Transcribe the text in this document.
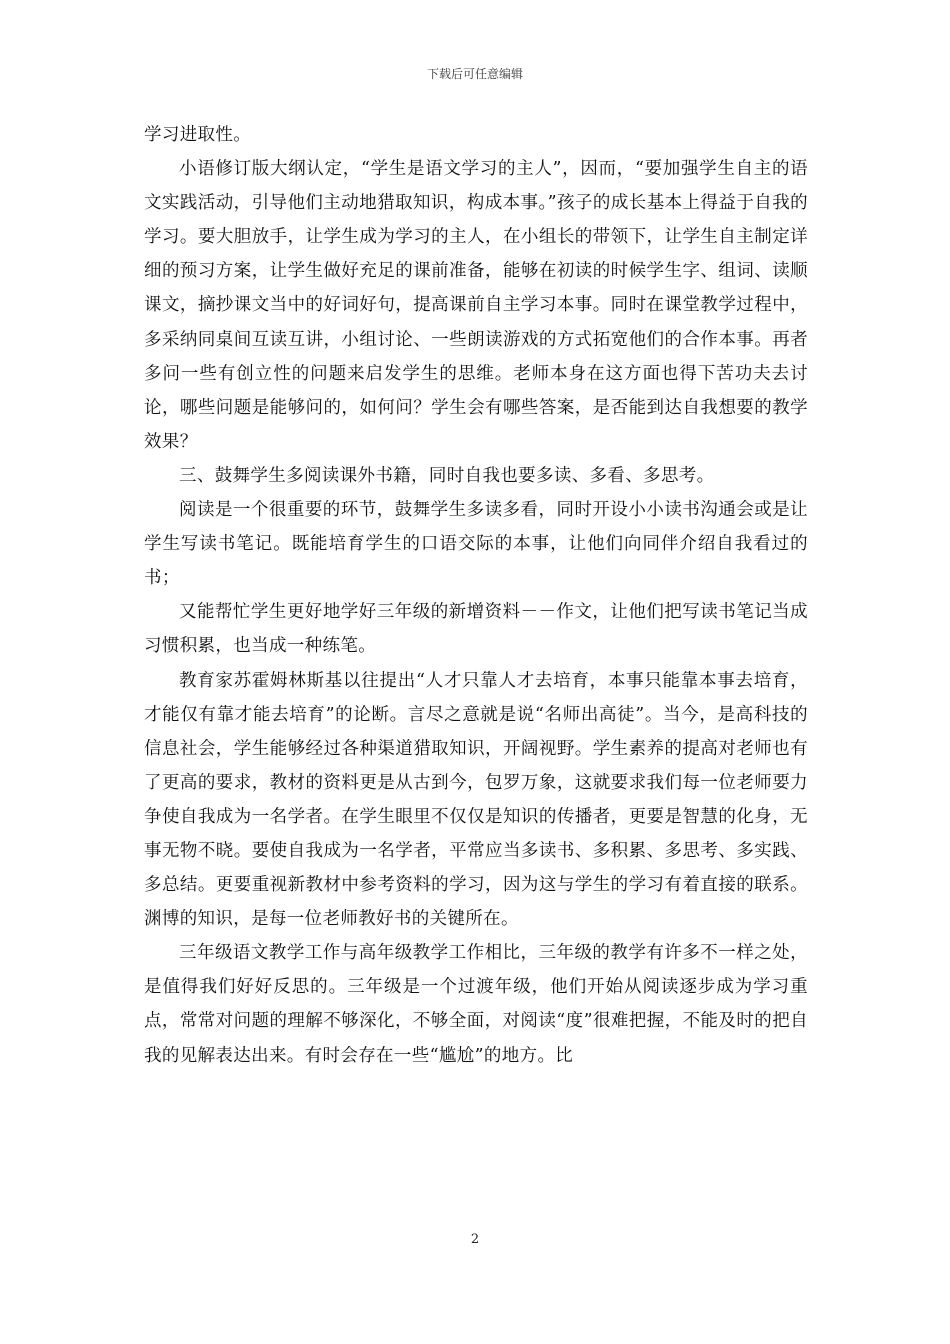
下载后可任意编辑

学习进取性。

小语修订版大纲认定，“学生是语文学习的主人”，因而，“要加强学生自主的语文实践活动，引导他们主动地猎取知识，构成本事。”孩子的成长基本上得益于自我的学习。要大胆放手，让学生成为学习的主人，在小组长的带领下，让学生自主制定详细的预习方案，让学生做好充足的课前准备，能够在初读的时候学生字、组词、读顺课文，摘抄课文当中的好词好句，提高课前自主学习本事。同时在课堂教学过程中，多采纳同桌间互读互讲，小组讨论、一些朗读游戏的方式拓宽他们的合作本事。再者多问一些有创立性的问题来启发学生的思维。老师本身在这方面也得下苦功夫去讨论，哪些问题是能够问的，如何问？学生会有哪些答案，是否能到达自我想要的教学效果？

三、鼓舞学生多阅读课外书籍，同时自我也要多读、多看、多思考。

阅读是一个很重要的环节，鼓舞学生多读多看，同时开设小小读书沟通会或是让学生写读书笔记。既能培育学生的口语交际的本事，让他们向同伴介绍自我看过的书；

又能帮忙学生更好地学好三年级的新增资料－－作文，让他们把写读书笔记当成习惯积累，也当成一种练笔。

教育家苏霍姆林斯基以往提出“人才只靠人才去培育，本事只能靠本事去培育，才能仅有靠才能去培育”的论断。言尽之意就是说“名师出高徒”。当今，是高科技的信息社会，学生能够经过各种渠道猎取知识，开阔视野。学生素养的提高对老师也有了更高的要求，教材的资料更是从古到今，包罗万象，这就要求我们每一位老师要力争使自我成为一名学者。在学生眼里不仅仅是知识的传播者，更要是智慧的化身，无事无物不晓。要使自我成为一名学者，平常应当多读书、多积累、多思考、多实践、多总结。更要重视新教材中参考资料的学习，因为这与学生的学习有着直接的联系。渊博的知识，是每一位老师教好书的关键所在。

三年级语文教学工作与高年级教学工作相比，三年级的教学有许多不一样之处，是值得我们好好反思的。三年级是一个过渡年级，他们开始从阅读逐步成为学习重点，常常对问题的理解不够深化，不够全面，对阅读“度”很难把握，不能及时的把自我的见解表达出来。有时会存在一些“尴尬”的地方。比

2
